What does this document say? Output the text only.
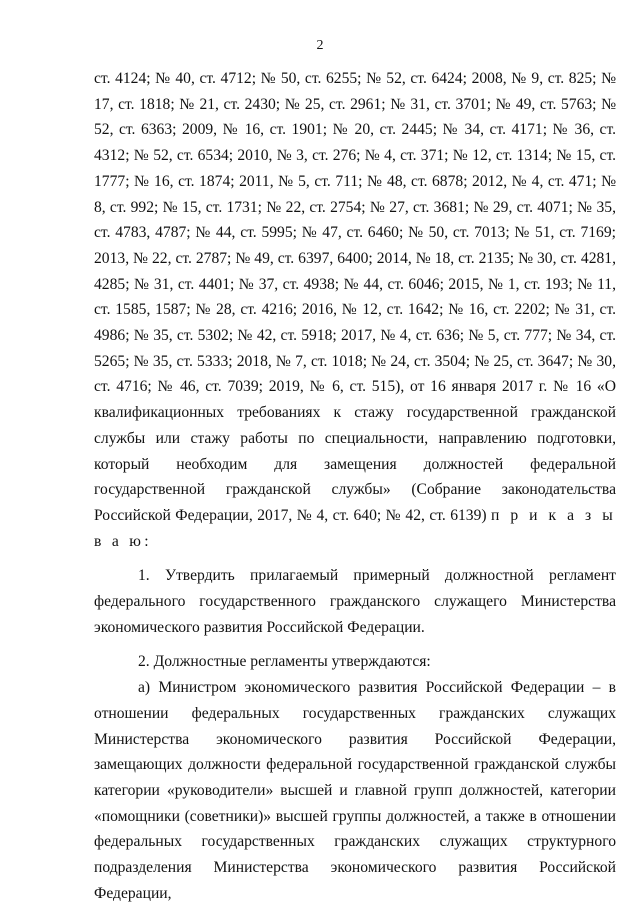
2

ст. 4124; № 40, ст. 4712; № 50, ст. 6255; № 52, ст. 6424; 2008, № 9, ст. 825; № 17, ст. 1818; № 21, ст. 2430; № 25, ст. 2961; № 31, ст. 3701; № 49, ст. 5763; № 52, ст. 6363; 2009, № 16, ст. 1901; № 20, ст. 2445; № 34, ст. 4171; № 36, ст. 4312; № 52, ст. 6534; 2010, № 3, ст. 276; № 4, ст. 371; № 12, ст. 1314; № 15, ст. 1777; № 16, ст. 1874; 2011, № 5, ст. 711; № 48, ст. 6878; 2012, № 4, ст. 471; № 8, ст. 992; № 15, ст. 1731; № 22, ст. 2754; № 27, ст. 3681; № 29, ст. 4071; № 35, ст. 4783, 4787; № 44, ст. 5995; № 47, ст. 6460; № 50, ст. 7013; № 51, ст. 7169; 2013, № 22, ст. 2787; № 49, ст. 6397, 6400; 2014, № 18, ст. 2135; № 30, ст. 4281, 4285; № 31, ст. 4401; № 37, ст. 4938; № 44, ст. 6046; 2015, № 1, ст. 193; № 11, ст. 1585, 1587; № 28, ст. 4216; 2016, № 12, ст. 1642; № 16, ст. 2202; № 31, ст. 4986; № 35, ст. 5302; № 42, ст. 5918; 2017, № 4, ст. 636; № 5, ст. 777; № 34, ст. 5265; № 35, ст. 5333; 2018, № 7, ст. 1018; № 24, ст. 3504; № 25, ст. 3647; № 30, ст. 4716; № 46, ст. 7039; 2019, № 6, ст. 515), от 16 января 2017 г. № 16 «О квалификационных требованиях к стажу государственной гражданской службы или стажу работы по специальности, направлению подготовки, который необходим для замещения должностей федеральной государственной гражданской службы» (Собрание законодательства Российской Федерации, 2017, № 4, ст. 640; № 42, ст. 6139) п р и к а з ы в а ю:

1. Утвердить прилагаемый примерный должностной регламент федерального государственного гражданского служащего Министерства экономического развития Российской Федерации.

2. Должностные регламенты утверждаются:

а) Министром экономического развития Российской Федерации – в отношении федеральных государственных гражданских служащих Министерства экономического развития Российской Федерации, замещающих должности федеральной государственной гражданской службы категории «руководители» высшей и главной групп должностей, категории «помощники (советники)» высшей группы должностей, а также в отношении федеральных государственных гражданских служащих структурного подразделения Министерства экономического развития Российской Федерации,
